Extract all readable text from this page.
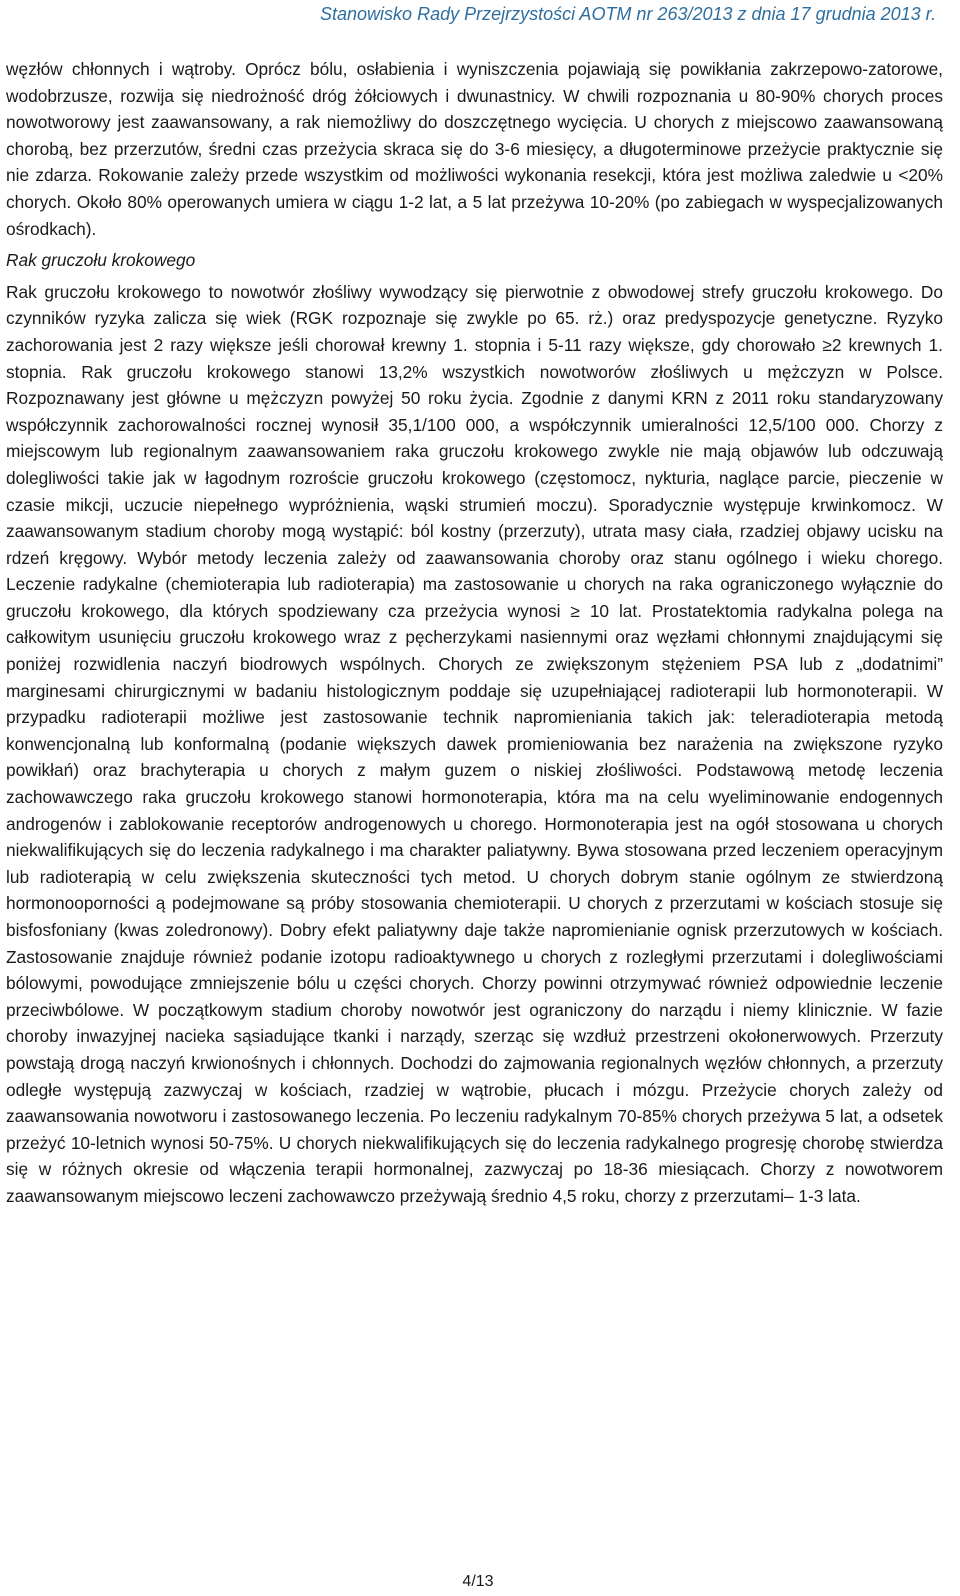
Stanowisko Rady Przejrzystości AOTM nr 263/2013 z dnia 17 grudnia 2013 r.

węzłów chłonnych i wątroby. Oprócz bólu, osłabienia i wyniszczenia pojawiają się powikłania zakrzepowo-zatorowe, wodobrzusze, rozwija się niedrożność dróg żółciowych i dwunastnicy. W chwili rozpoznania u 80-90% chorych proces nowotworowy jest zaawansowany, a rak niemożliwy do doszczętnego wycięcia. U chorych z miejscowo zaawansowaną chorobą, bez przerzutów, średni czas przeżycia skraca się do 3-6 miesięcy, a długoterminowe przeżycie praktycznie się nie zdarza. Rokowanie zależy przede wszystkim od możliwości wykonania resekcji, która jest możliwa zaledwie u <20% chorych. Około 80% operowanych umiera w ciągu 1-2 lat, a 5 lat przeżywa 10-20% (po zabiegach w wyspecjalizowanych ośrodkach).

Rak gruczołu krokowego

Rak gruczołu krokowego to nowotwór złośliwy wywodzący się pierwotnie z obwodowej strefy gruczołu krokowego. Do czynników ryzyka zalicza się wiek (RGK rozpoznaje się zwykle po 65. rż.) oraz predyspozycje genetyczne. Ryzyko zachorowania jest 2 razy większe jeśli chorował krewny 1. stopnia i 5-11 razy większe, gdy chorowało ≥2 krewnych 1. stopnia. Rak gruczołu krokowego stanowi 13,2% wszystkich nowotworów złośliwych u mężczyzn w Polsce. Rozpoznawany jest główne u mężczyzn powyżej 50 roku życia. Zgodnie z danymi KRN z 2011 roku standaryzowany współczynnik zachorowalności rocznej wynosił 35,1/100 000, a współczynnik umieralności 12,5/100 000. Chorzy z miejscowym lub regionalnym zaawansowaniem raka gruczołu krokowego zwykle nie mają objawów lub odczuwają dolegliwości takie jak w łagodnym rozroście gruczołu krokowego (częstomocz, nykturia, naglące parcie, pieczenie w czasie mikcji, uczucie niepełnego wypróżnienia, wąski strumień moczu). Sporadycznie występuje krwinkomocz. W zaawansowanym stadium choroby mogą wystąpić: ból kostny (przerzuty), utrata masy ciała, rzadziej objawy ucisku na rdzeń kręgowy. Wybór metody leczenia zależy od zaawansowania choroby oraz stanu ogólnego i wieku chorego. Leczenie radykalne (chemioterapia lub radioterapia) ma zastosowanie u chorych na raka ograniczonego wyłącznie do gruczołu krokowego, dla których spodziewany cza przeżycia wynosi ≥ 10 lat. Prostatektomia radykalna polega na całkowitym usunięciu gruczołu krokowego wraz z pęcherzykami nasiennymi oraz węzłami chłonnymi znajdującymi się poniżej rozwidlenia naczyń biodrowych wspólnych. Chorych ze zwiększonym stężeniem PSA lub z „dodatnimi” marginesami chirurgicznymi w badaniu histologicznym poddaje się uzupełniającej radioterapii lub hormonoterapii. W przypadku radioterapii możliwe jest zastosowanie technik napromieniania takich jak: teleradioterapia metodą konwencjonalną lub konformalną (podanie większych dawek promieniowania bez narażenia na zwiększone ryzyko powikłań) oraz brachyterapia u chorych z małym guzem o niskiej złośliwości. Podstawową metodę leczenia zachowawczego raka gruczołu krokowego stanowi hormonoterapia, która ma na celu wyeliminowanie endogennych androgenów i zablokowanie receptorów androgenowych u chorego. Hormonoterapia jest na ogół stosowana u chorych niekwalifikujących się do leczenia radykalnego i ma charakter paliatywny. Bywa stosowana przed leczeniem operacyjnym lub radioterapią w celu zwiększenia skuteczności tych metod. U chorych dobrym stanie ogólnym ze stwierdzoną hormonooporności ą podejmowane są próby stosowania chemioterapii. U chorych z przerzutami w kościach stosuje się bisfosfoniany (kwas zoledronowy). Dobry efekt paliatywny daje także napromienianie ognisk przerzutowych w kościach. Zastosowanie znajduje również podanie izotopu radioaktywnego u chorych z rozległymi przerzutami i dolegliwościami bólowymi, powodujące zmniejszenie bólu u części chorych. Chorzy powinni otrzymywać również odpowiednie leczenie przeciwbólowe. W początkowym stadium choroby nowotwór jest ograniczony do narządu i niemy klinicznie. W fazie choroby inwazyjnej nacieka sąsiadujące tkanki i narządy, szerząc się wzdłuż przestrzeni okołonerwowych. Przerzuty powstają drogą naczyń krwionośnych i chłonnych. Dochodzi do zajmowania regionalnych węzłów chłonnych, a przerzuty odległe występują zazwyczaj w kościach, rzadziej w wątrobie, płucach i mózgu. Przeżycie chorych zależy od zaawansowania nowotworu i zastosowanego leczenia. Po leczeniu radykalnym 70-85% chorych przeżywa 5 lat, a odsetek przeżyć 10-letnich wynosi 50-75%. U chorych niekwalifikujących się do leczenia radykalnego progresję chorobę stwierdza się w różnych okresie od włączenia terapii hormonalnej, zazwyczaj po 18-36 miesiącach. Chorzy z nowotworem zaawansowanym miejscowo leczeni zachowawczo przeżywają średnio 4,5 roku, chorzy z przerzutami– 1-3 lata.

4/13
